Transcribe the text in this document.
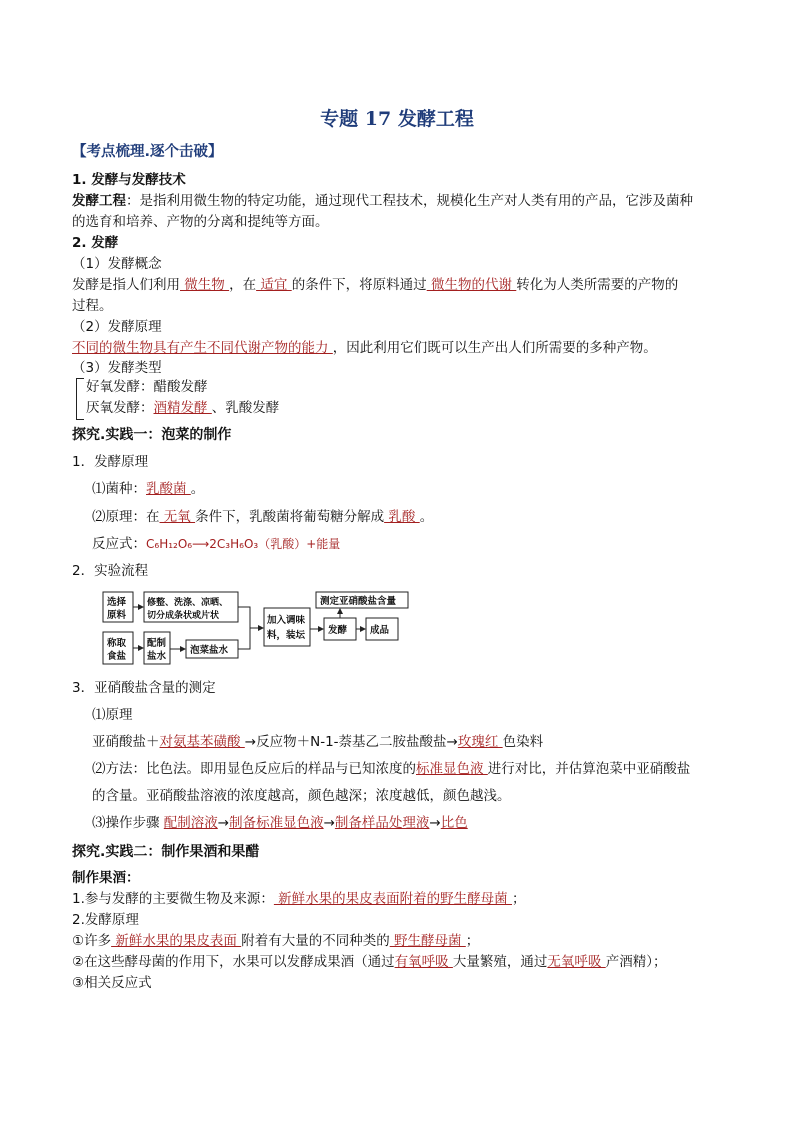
专题 17 发酵工程
【考点梳理.逐个击破】
1. 发酵与发酵技术
发酵工程：是指利用微生物的特定功能，通过现代工程技术，规模化生产对人类有用的产品，它涉及菌种
的选育和培养、产物的分离和提纯等方面。
2. 发酵
（1）发酵概念
发酵是指人们利用 微生物 ，在 适宜 的条件下，将原料通过 微生物的代谢 转化为人类所需要的产物的
过程。
（2）发酵原理
不同的微生物具有产生不同代谢产物的能力 ，因此利用它们既可以生产出人们所需要的多种产物。
（3）发酵类型
好氧发酵：醋酸发酵
厌氧发酵：酒精发酵 、乳酸发酵
探究.实践一：泡菜的制作
1．发酵原理
⑴菌种：乳酸菌 。
⑵原理：在 无氧 条件下，乳酸菌将葡萄糖分解成 乳酸 。
反应式：C₆H₁₂O₆⟶2C₃H₆O₃（乳酸）+能量
2．实验流程
选择
原料
修整、洗涤、凉晒、
切分成条状或片状
称取
食盐
配制
盐水
泡菜盐水
加入调味
料，装坛
测定亚硝酸盐含量
发酵 成品
3．亚硝酸盐含量的测定
⑴原理
亚硝酸盐＋对氨基苯磺酸 →反应物＋N-1-萘基乙二胺盐酸盐→玫瑰红 色染料
⑵方法：比色法。即用显色反应后的样品与已知浓度的标准显色液 进行对比，并估算泡菜中亚硝酸盐
的含量。亚硝酸盐溶液的浓度越高，颜色越深；浓度越低，颜色越浅。
⑶操作步骤 配制溶液→制备标准显色液→制备样品处理液→比色
探究.实践二：制作果酒和果醋
制作果酒：
1.参与发酵的主要微生物及来源： 新鲜水果的果皮表面附着的野生酵母菌 ；
2.发酵原理
①许多 新鲜水果的果皮表面 附着有大量的不同种类的 野生酵母菌 ；
②在这些酵母菌的作用下，水果可以发酵成果酒（通过有氧呼吸 大量繁殖，通过无氧呼吸 产酒精）；
③相关反应式
